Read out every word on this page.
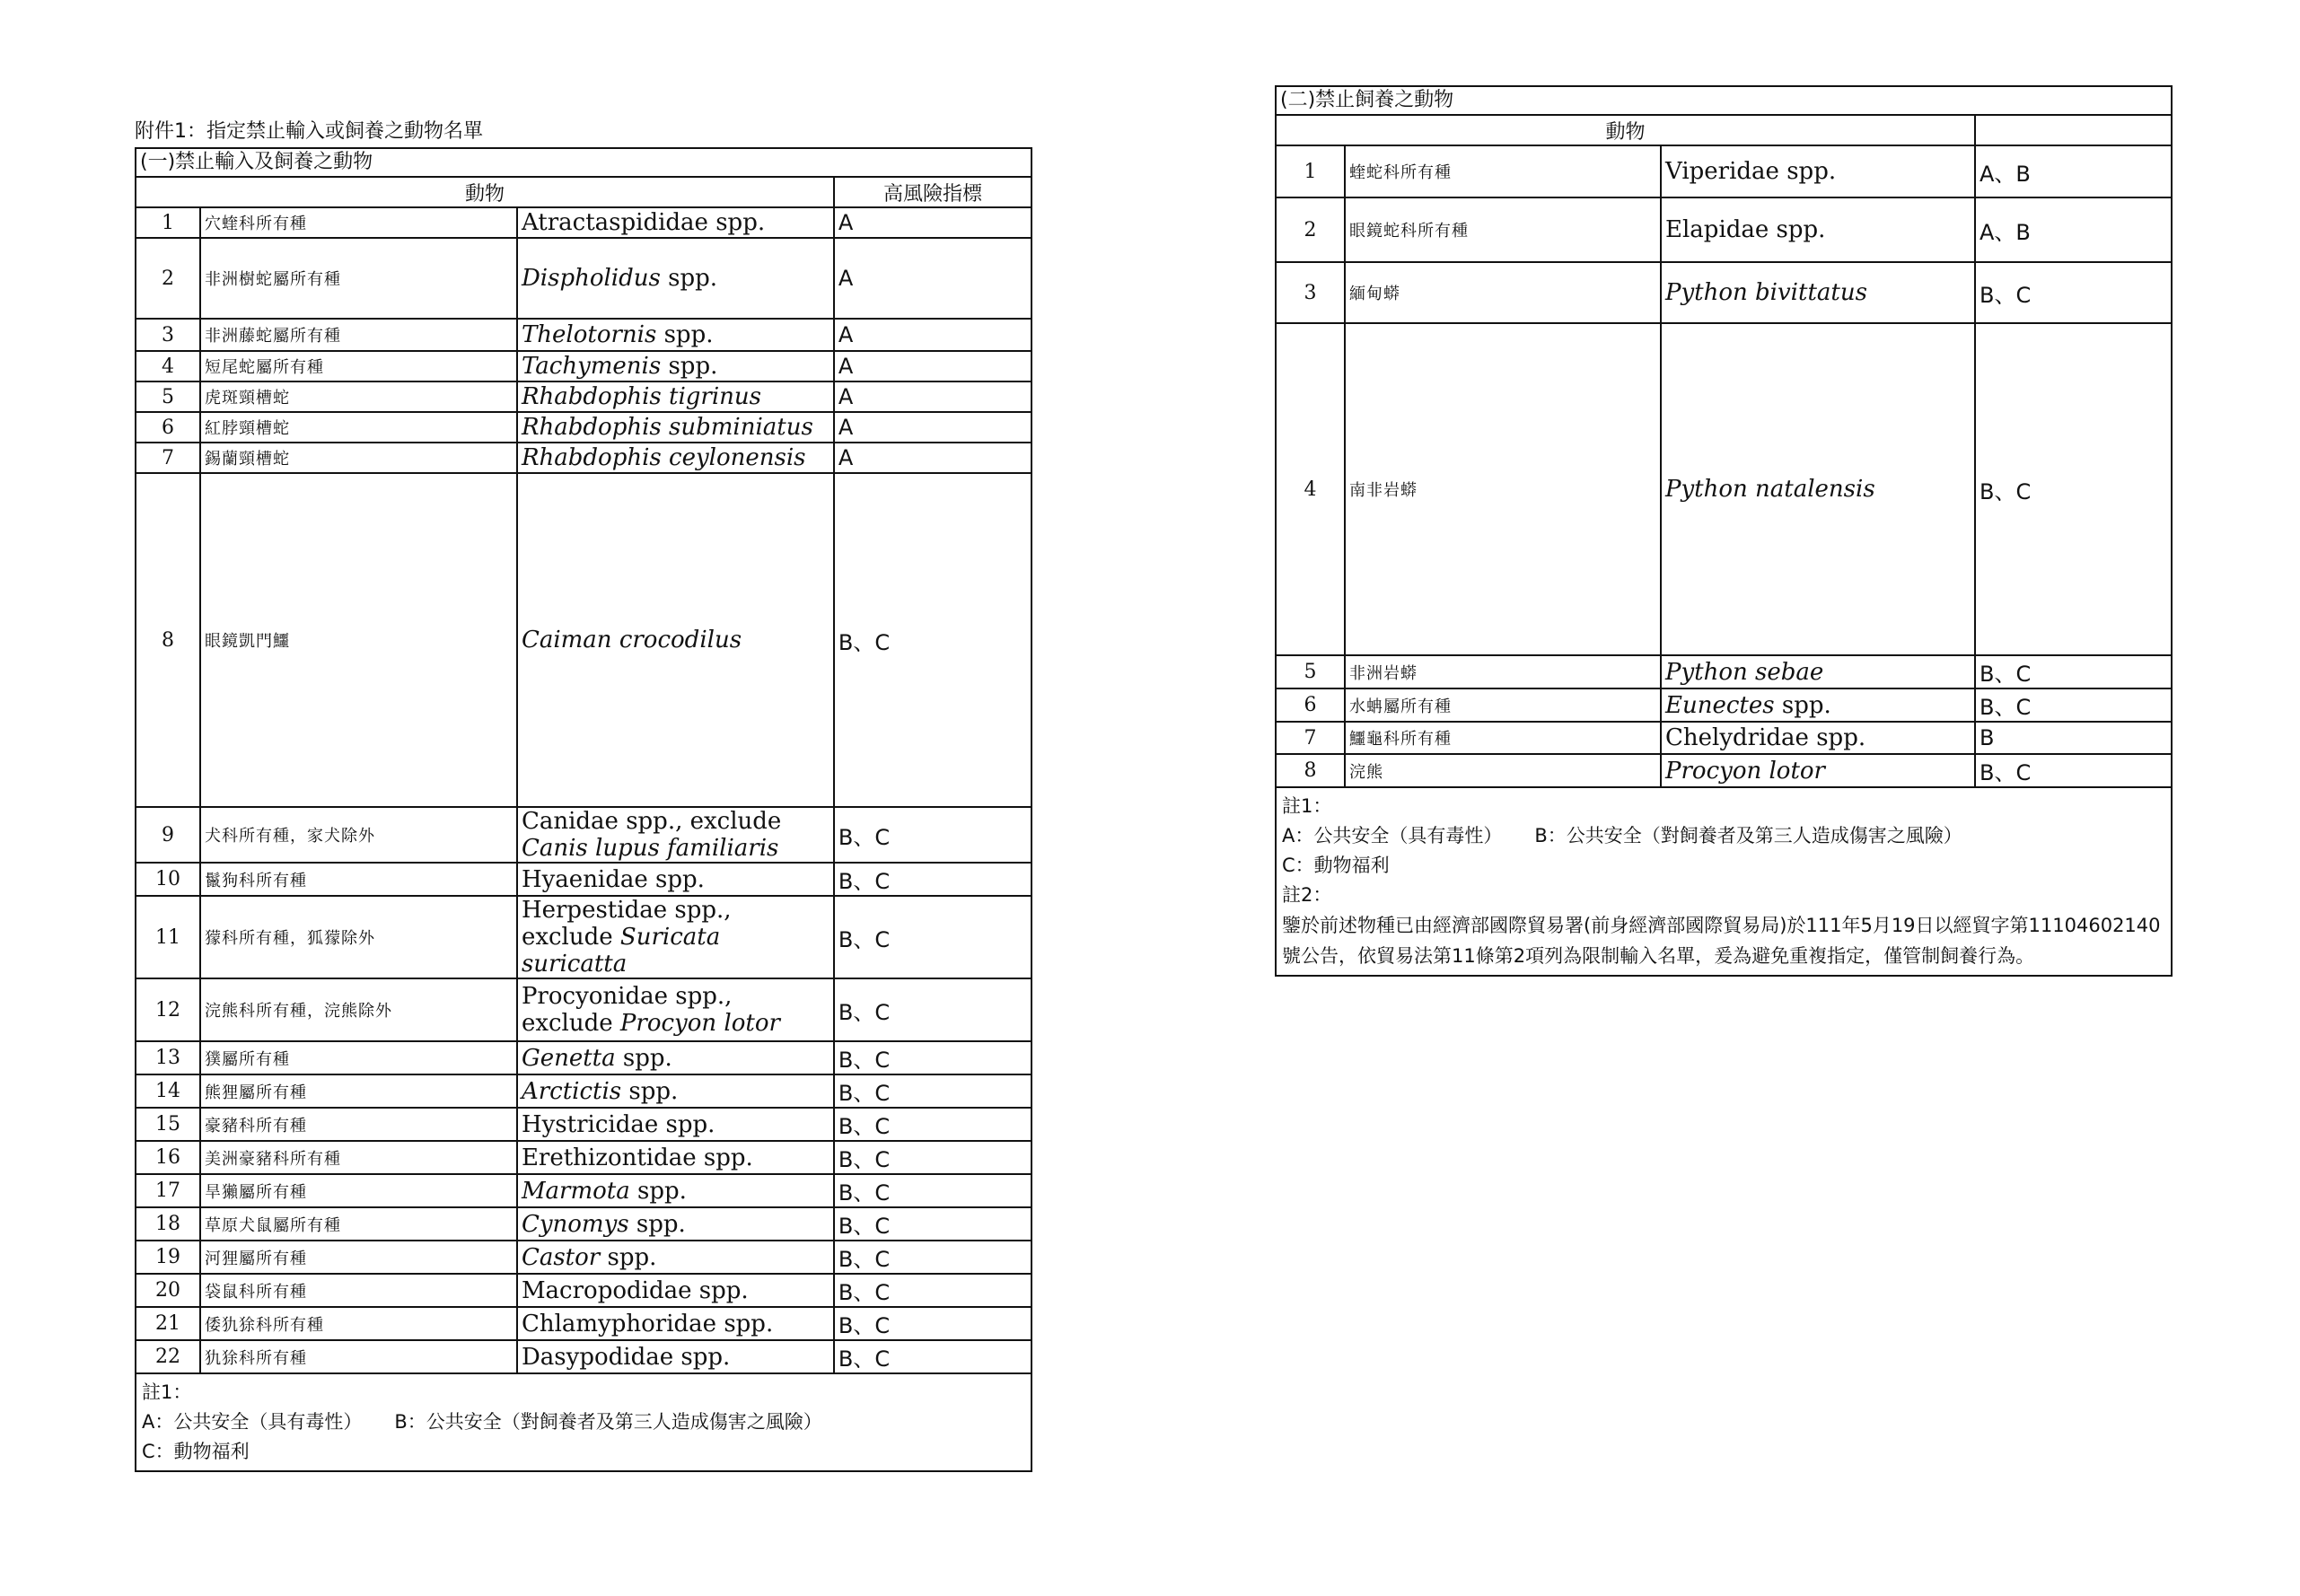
附件1：指定禁止輸入或飼養之動物名單
(一)禁止輸入及飼養之動物
動物			高風險指標
1	穴蝰科所有種	Atractaspididae spp.	A
2	非洲樹蛇屬所有種	Dispholidus spp.	A
3	非洲藤蛇屬所有種	Thelotornis spp.	A
4	短尾蛇屬所有種	Tachymenis spp.	A
5	虎斑頸槽蛇	Rhabdophis tigrinus	A
6	紅脖頸槽蛇	Rhabdophis subminiatus	A
7	錫蘭頸槽蛇	Rhabdophis ceylonensis	A
8	眼鏡凱門鱷	Caiman crocodilus	B、C
9	犬科所有種，家犬除外	Canidae spp., exclude Canis lupus familiaris	B、C
10	鬣狗科所有種	Hyaenidae spp.	B、C
11	獴科所有種，狐獴除外	Herpestidae spp., exclude Suricata suricatta	B、C
12	浣熊科所有種，浣熊除外	Procyonidae spp., exclude Procyon lotor	B、C
13	獛屬所有種	Genetta spp.	B、C
14	熊狸屬所有種	Arctictis spp.	B、C
15	豪豬科所有種	Hystricidae spp.	B、C
16	美洲豪豬科所有種	Erethizontidae spp.	B、C
17	旱獺屬所有種	Marmota spp.	B、C
18	草原犬鼠屬所有種	Cynomys spp.	B、C
19	河狸屬所有種	Castor spp.	B、C
20	袋鼠科所有種	Macropodidae spp.	B、C
21	倭犰狳科所有種	Chlamyphoridae spp.	B、C
22	犰狳科所有種	Dasypodidae spp.	B、C
註1：
A：公共安全（具有毒性） B：公共安全（對飼養者及第三人造成傷害之風險）
C：動物福利
(二)禁止飼養之動物
動物			
1	蝰蛇科所有種	Viperidae spp.	A、B
2	眼鏡蛇科所有種	Elapidae spp.	A、B
3	緬甸蟒	Python bivittatus	B、C
4	南非岩蟒	Python natalensis	B、C
5	非洲岩蟒	Python sebae	B、C
6	水蚺屬所有種	Eunectes spp.	B、C
7	鱷龜科所有種	Chelydridae spp.	B
8	浣熊	Procyon lotor	B、C
註1：
A：公共安全（具有毒性） B：公共安全（對飼養者及第三人造成傷害之風險）
C：動物福利
註2：
鑒於前述物種已由經濟部國際貿易署(前身經濟部國際貿易局)於111年5月19日以經貿字第11104602140號公告，依貿易法第11條第2項列為限制輸入名單，爰為避免重複指定，僅管制飼養行為。
